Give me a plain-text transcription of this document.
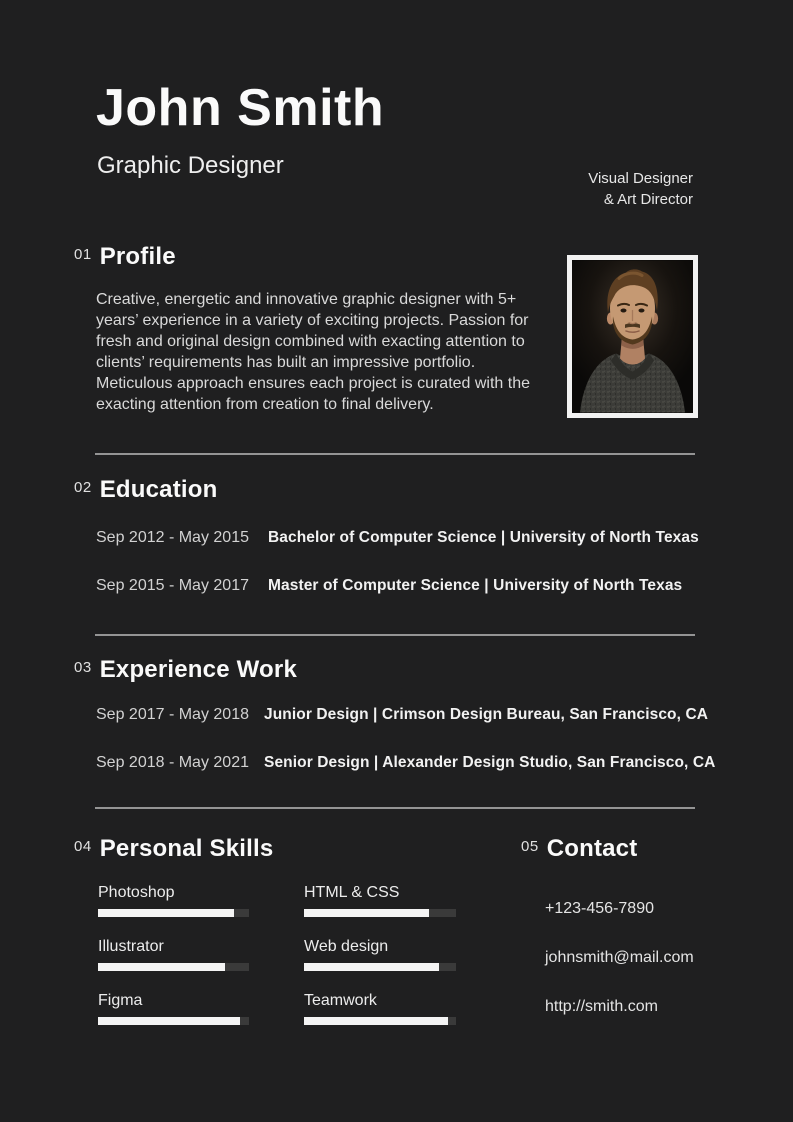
John Smith
Graphic Designer	Visual Designer
& Art Director
01 Profile

Creative, energetic and innovative graphic designer with 5+ years’ experience in a variety of exciting projects. Passion for fresh and original design combined with exacting attention to clients’ requirements has built an impressive portfolio. Meticulous approach ensures each project is curated with the exacting attention from creation to final delivery.

02 Education
Sep 2012 - May 2015	Bachelor of Computer Science | University of North Texas
Sep 2015 - May 2017	Master of Computer Science | University of North Texas
03 Experience Work
Sep 2017 - May 2018 Junior Design | Crimson Design Bureau, San Francisco, CA
Sep 2018 - May 2021 Senior Design | Alexander Design Studio, San Francisco, CA
04 Personal Skills
Photoshop	HTML & CSS
Illustrator	Web design
Figma	Teamwork
05 Contact
+123-456-7890
johnsmith@mail.com
http://smith.com
